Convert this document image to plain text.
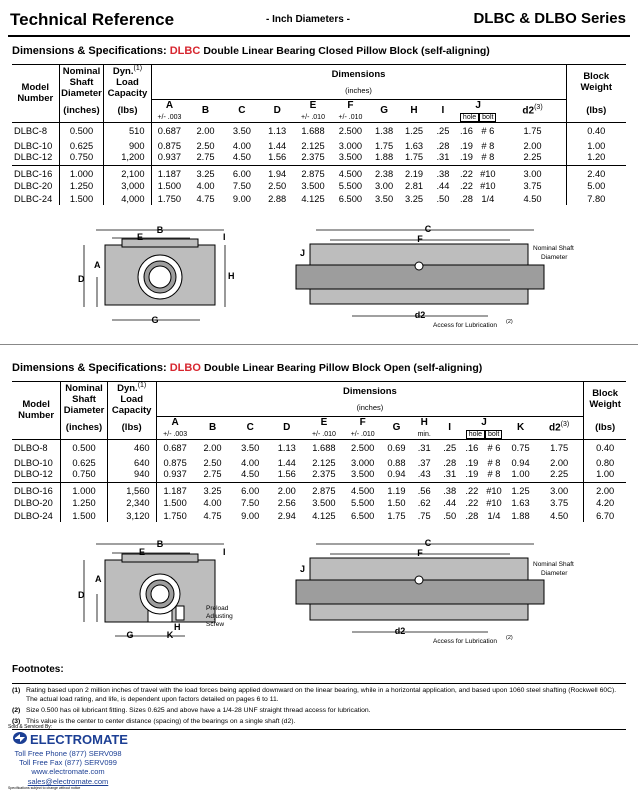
Technical Reference	- Inch Diameters -	DLBC & DLBO Series
Dimensions & Specifications: DLBC Double Linear Bearing Closed Pillow Block (self-aligning)
Model Number	Nominal Shaft Diameter	Dyn.$^{(1)}$
Load Capacity	Dimensions												Block Weight
			(inches)												
	(inches)	(lbs)	A
+/- .003	B	C	D	E
+/- .010	F
+/- .010	G	H	I	J
hole bolt		d2$^{(3)}$	(lbs)
DLBC-8	0.500	510	0.687	2.00	3.50	1.13	1.688	2.500	1.38	1.25	.25	.16	# 6	1.75	0.40
DLBC-10	0.625	900	0.875	2.50	4.00	1.44	2.125	3.000	1.75	1.63	.28	.19	# 8	2.00	1.00
DLBC-12	0.750	1,200	0.937	2.75	4.50	1.56	2.375	3.500	1.88	1.75	.31	.19	# 8	2.25	1.20
DLBC-16	1.000	2,100	1.187	3.25	6.00	1.94	2.875	4.500	2.38	2.19	.38	.22	#10	3.00	2.40
DLBC-20	1.250	3,000	1.500	4.00	7.50	2.50	3.500	5.500	3.00	2.81	.44	.22	#10	3.75	5.00
DLBC-24	1.500	4,000	1.750	4.75	9.00	2.88	4.125	6.500	3.50	3.25	.50	.28	1/4	4.50	7.80
B
E	I
A
D	H
G
C
F
J
d2
Nominal Shaft
Diameter
Access for Lubrication (2)
Dimensions & Specifications: DLBO Double Linear Bearing Pillow Block Open (self-aligning)
Model Number	Nominal Shaft Diameter	Dyn.$^{(1)}$
Load Capacity	Dimensions													Block Weight
			(inches)													
	(inches)	(lbs)	A
+/- .003	B	C	D	E
+/- .010	F
+/- .010	G	H
min.	I	J
hole bolt		K	d2$^{(3)}$	(lbs)
DLBO-8	0.500	460	0.687	2.00	3.50	1.13	1.688	2.500	0.69	.31	.25	.16	# 6	0.75	1.75	0.40
DLBO-10	0.625	640	0.875	2.50	4.00	1.44	2.125	3.000	0.88	.37	.28	.19	# 8	0.94	2.00	0.80
DLBO-12	0.750	940	0.937	2.75	4.50	1.56	2.375	3.500	0.94	.43	.31	.19	# 8	1.00	2.25	1.00
DLBO-16	1.000	1,560	1.187	3.25	6.00	2.00	2.875	4.500	1.19	.56	.38	.22	#10	1.25	3.00	2.00
DLBO-20	1.250	2,340	1.500	4.00	7.50	2.56	3.500	5.500	1.50	.62	.44	.22	#10	1.63	3.75	4.20
DLBO-24	1.500	3,120	1.750	4.75	9.00	2.94	4.125	6.500	1.75	.75	.50	.28	1/4	1.88	4.50	6.70
B
E	I
A
D
H
G	K
Preload
Adjusting
Screw
C
F
J
d2
Nominal Shaft
Diameter
Access for Lubrication (2)
Footnotes:
(1) Rating based upon 2 million inches of travel with the load forces being applied downward on the linear bearing, while in a horizontal application, and based upon 1060 steel shafting (Rockwell 60C). The actual load rating, and life, is dependent upon factors detailed on pages 6 to 11.
(2) Size 0.500 has oil lubricant fitting. Sizes 0.625 and above have a 1/4-28 UNF straight thread access for lubrication.
(3) This value is the center to center distance (spacing) of the bearings on a single shaft (d2).
Sold & Serviced By:
ELECTROMATE
Toll Free Phone (877) SERV098
Toll Free Fax (877) SERV099
www.electromate.com
sales@electromate.com
Specifications subject to change without notice
